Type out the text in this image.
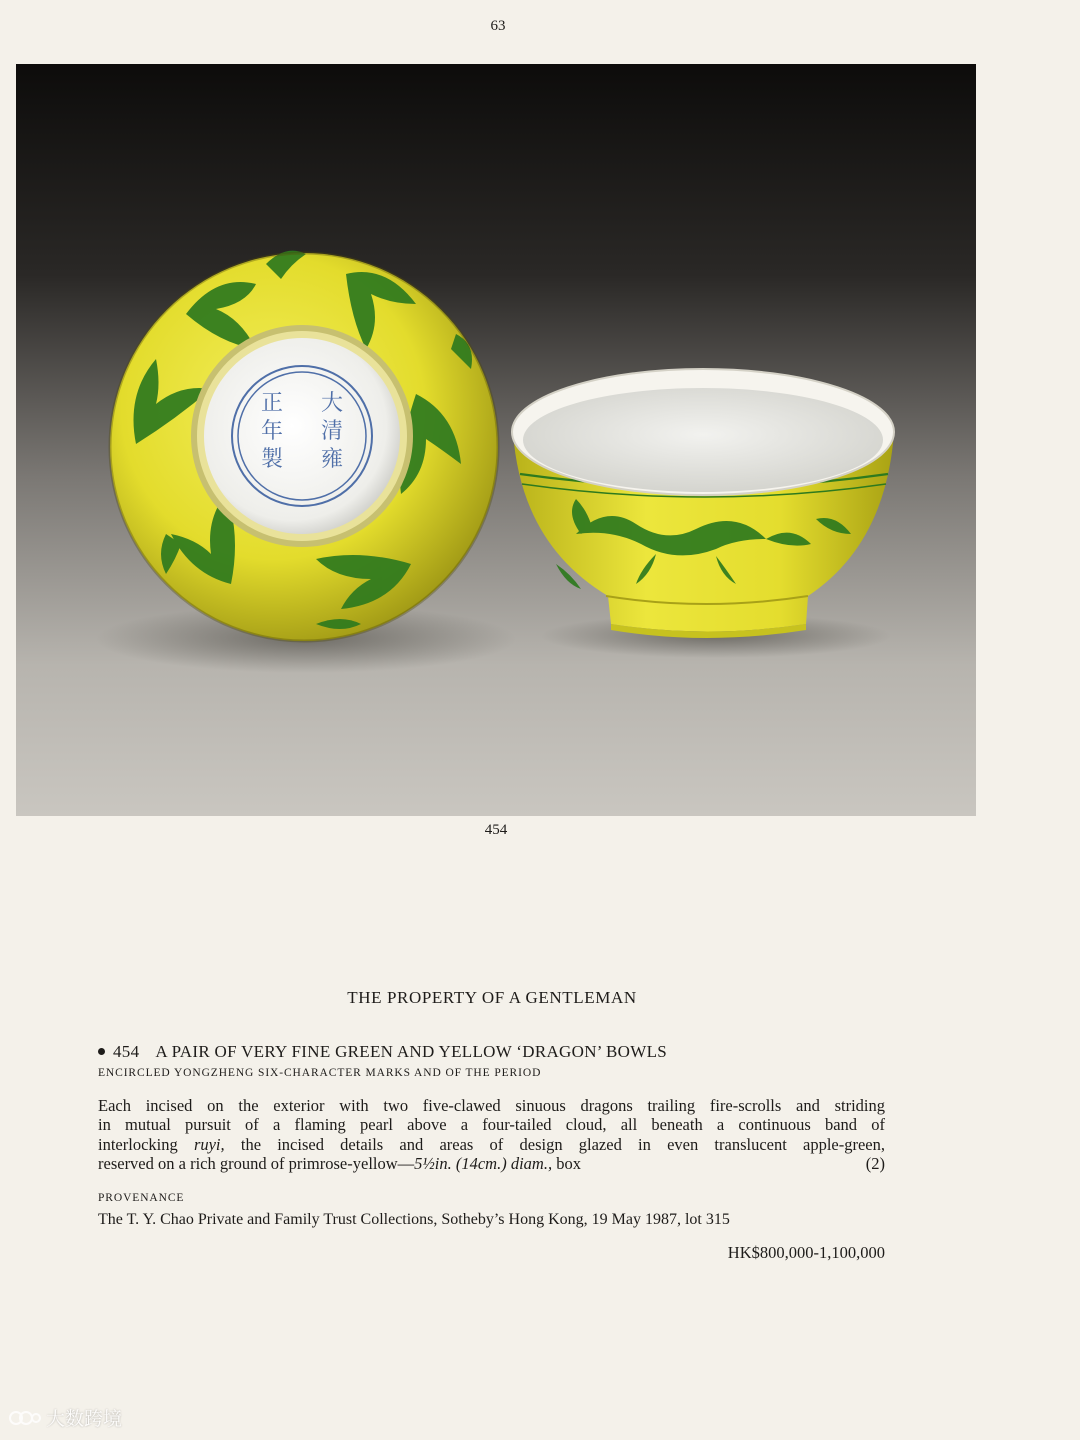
63
大
清
雍
正
年
製
454
THE PROPERTY OF A GENTLEMAN
454 A PAIR OF VERY FINE GREEN AND YELLOW ‘DRAGON’ BOWLS
ENCIRCLED YONGZHENG SIX-CHARACTER MARKS AND OF THE PERIOD
Each incised on the exterior with two five-clawed sinuous dragons trailing fire-scrolls and striding
in mutual pursuit of a flaming pearl above a four-tailed cloud, all beneath a continuous band of
interlocking ruyi, the incised details and areas of design glazed in even translucent apple-green,
reserved on a rich ground of primrose-yellow—5½in. (14cm.) diam., box	(2)
PROVENANCE
The T. Y. Chao Private and Family Trust Collections, Sotheby’s Hong Kong, 19 May 1987, lot 315
HK$800,000-1,100,000
大数跨境
